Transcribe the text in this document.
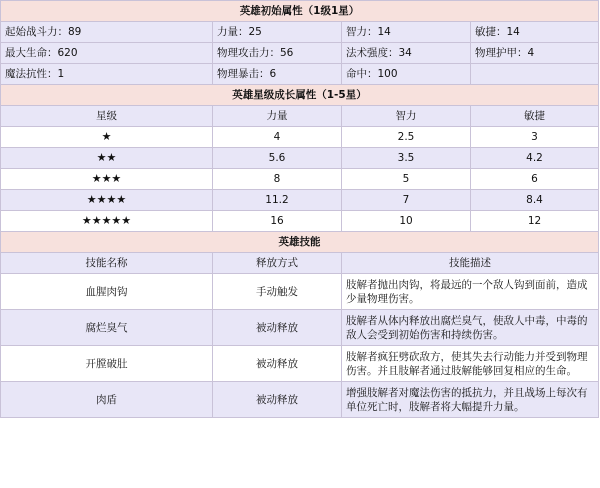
英雄初始属性（1级1星）			
起始战斗力：89	力量：25	智力：14	敏捷：14
最大生命：620	物理攻击力：56	法术强度：34	物理护甲：4
魔法抗性：1	物理暴击：6	命中：100	
英雄星级成长属性（1-5星）			
星级	力量	智力	敏捷
★	4	2.5	3
★★	5.6	3.5	4.2
★★★	8	5	6
★★★★	11.2	7	8.4
★★★★★	16	10	12
英雄技能			
技能名称	释放方式	技能描述	
血腥肉钩	手动触发	肢解者抛出肉钩，将最远的一个敌人钩到面前，造成少量物理伤害。	
腐烂臭气	被动释放	肢解者从体内释放出腐烂臭气，使敌人中毒，中毒的敌人会受到初始伤害和持续伤害。	
开膛破肚	被动释放	肢解者疯狂劈砍敌方，使其失去行动能力并受到物理伤害。并且肢解者通过肢解能够回复相应的生命。	
肉盾	被动释放	增强肢解者对魔法伤害的抵抗力，并且战场上每次有单位死亡时，肢解者将大幅提升力量。	
